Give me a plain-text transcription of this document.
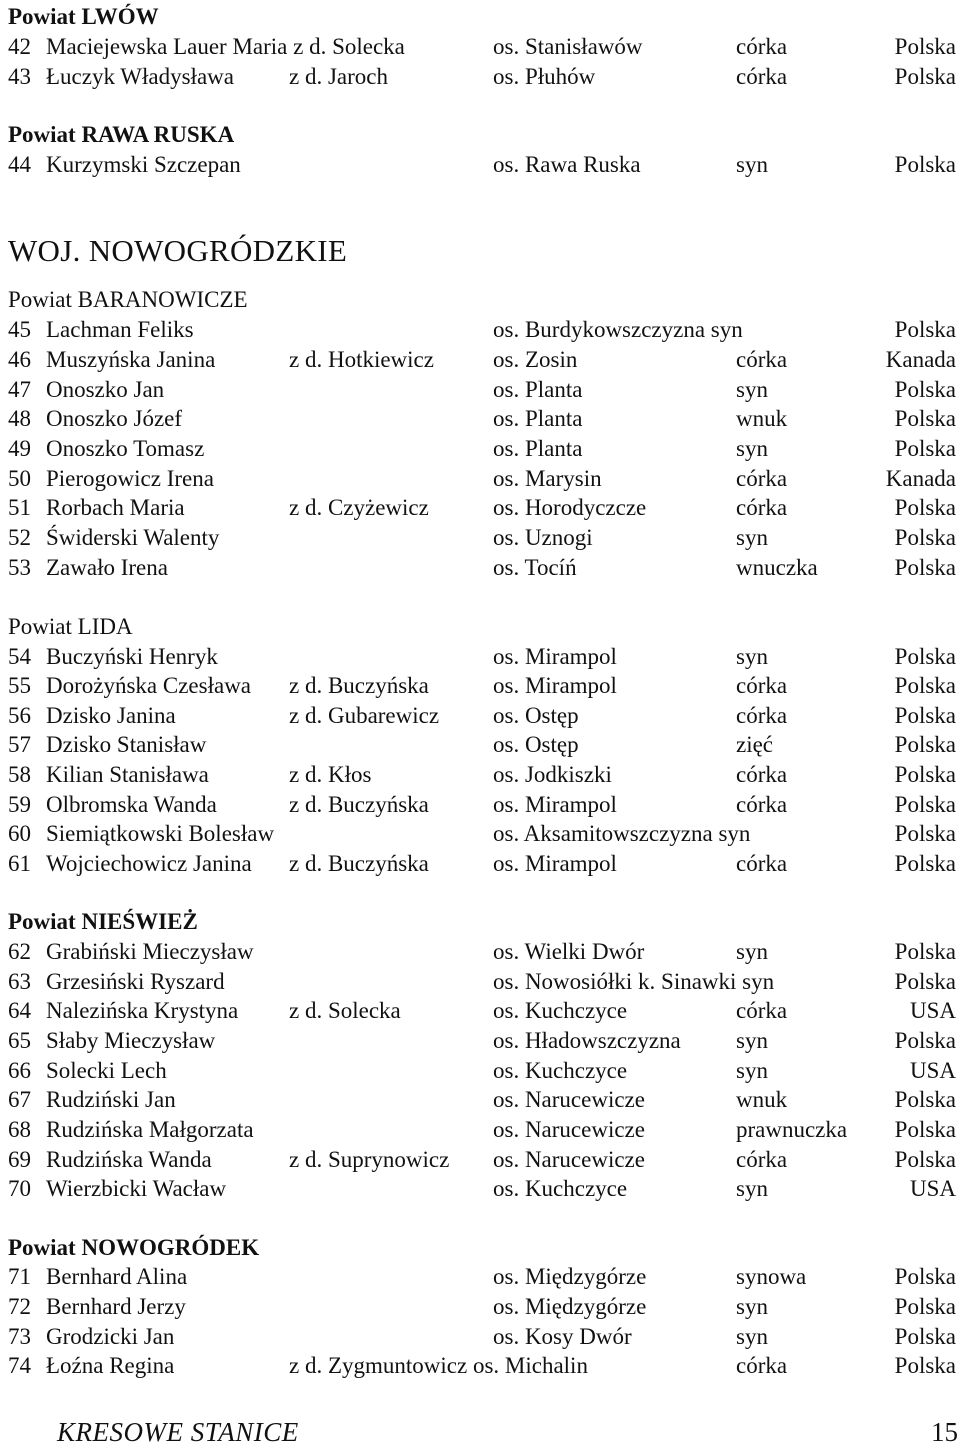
Powiat LWÓW
42 Maciejewska Lauer Maria z d. Solecka	os. Stanisławów	córka	Polska
43 Łuczyk Władysława z d. Jaroch	os. Płuhów	córka	Polska
Powiat RAWA RUSKA
44 Kurzymski Szczepan	os. Rawa Ruska	syn	Polska
WOJ. NOWOGRÓDZKIE
Powiat BARANOWICZE
45 Lachman Feliks	os. Burdykowszczyzna syn	Polska
46 Muszyńska Janina	z d. Hotkiewicz	os. Zosin	córka	Kanada
47 Onoszko Jan	os. Planta	syn	Polska
48 Onoszko Józef	os. Planta	wnuk	Polska
49 Onoszko Tomasz	os. Planta	syn	Polska
50 Pierogowicz Irena	os. Marysin	córka	Kanada
51 Rorbach Maria	z d. Czyżewicz	os. Horodyczcze	córka	Polska
52 Świderski Walenty	os. Uznogi	syn	Polska
53 Zawało Irena	os. Tocíń	wnuczka	Polska
Powiat LIDA
54 Buczyński Henryk	os. Mirampol	syn	Polska
55 Dorożyńska Czesława z d. Buczyńska	os. Mirampol	córka	Polska
56 Dzisko Janina	z d. Gubarewicz os. Ostęp	córka	Polska
57 Dzisko Stanisław	os. Ostęp	zięć	Polska
58 Kilian Stanisława	z d. Kłos	os. Jodkiszki	córka	Polska
59 Olbromska Wanda	z d. Buczyńska	os. Mirampol	córka	Polska
60 Siemiątkowski Bolesław	os. Aksamitowszczyzna syn	Polska
61 Wojciechowicz Janina z d. Buczyńska	os. Mirampol	córka	Polska
Powiat NIEŚWIEŻ
62 Grabiński Mieczysław	os. Wielki Dwór	syn	Polska
63 Grzesiński Ryszard	os. Nowosiółki k. Sinawki syn	Polska
64 Nalezińska Krystyna z d. Solecka	os. Kuchczyce	córka	USA
65 Słaby Mieczysław	os. Hładowszczyzna syn	Polska
66 Solecki Lech	os. Kuchczyce	syn	USA
67 Rudziński Jan	os. Narucewicze	wnuk	Polska
68 Rudzińska Małgorzata	os. Narucewicze	prawnuczka Polska
69 Rudzińska Wanda	z d. Suprynowicz os. Narucewicze	córka	Polska
70 Wierzbicki Wacław	os. Kuchczyce	syn	USA
Powiat NOWOGRÓDEK
71 Bernhard Alina	os. Międzygórze	synowa	Polska
72 Bernhard Jerzy	os. Międzygórze	syn	Polska
73 Grodzicki Jan	os. Kosy Dwór	syn	Polska
74 Łoźna Regina	z d. Zygmuntowicz os. Michalin	córka	Polska
KRESOWE STANICE	15
